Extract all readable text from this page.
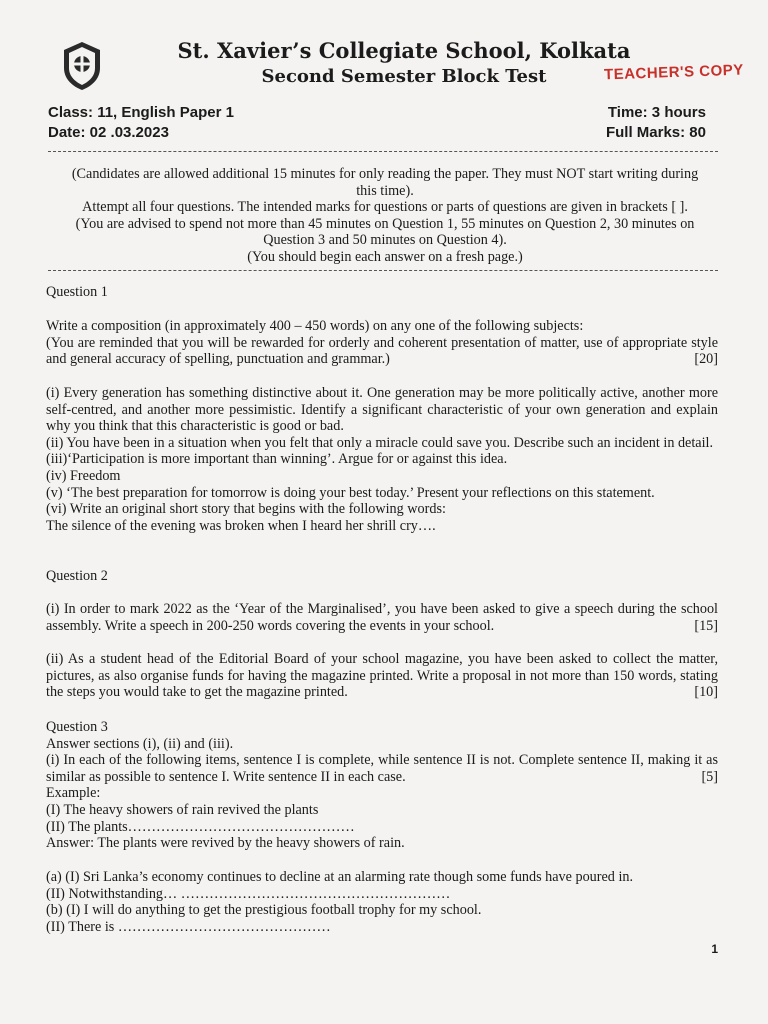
St. Xavier’s Collegiate School, Kolkata
Second Semester Block Test	TEACHER'S COPY
Class: 11, English Paper 1
Date: 02 .03.2023
Time: 3 hours
Full Marks: 80

(Candidates are allowed additional 15 minutes for only reading the paper. They must NOT start writing during this time).

Attempt all four questions. The intended marks for questions or parts of questions are given in brackets [ ].

(You are advised to spend not more than 45 minutes on Question 1, 55 minutes on Question 2, 30 minutes on Question 3 and 50 minutes on Question 4).

(You should begin each answer on a fresh page.)

Question 1

Write a composition (in approximately 400 – 450 words) on any one of the following subjects:

(You are reminded that you will be rewarded for orderly and coherent presentation of matter, use of appropriate style and general accuracy of spelling, punctuation and grammar.)	[20]

(i) Every generation has something distinctive about it. One generation may be more politically active, another more self-centred, and another more pessimistic. Identify a significant characteristic of your own generation and explain why you think that this characteristic is good or bad.

(ii) You have been in a situation when you felt that only a miracle could save you. Describe such an incident in detail.

(iii)‘Participation is more important than winning’. Argue for or against this idea.

(iv) Freedom

(v) ‘The best preparation for tomorrow is doing your best today.’ Present your reflections on this statement.

(vi) Write an original short story that begins with the following words:

The silence of the evening was broken when I heard her shrill cry….

Question 2
(i) In order to mark 2022 as the ‘Year of the Marginalised’, you have been asked to give a speech during the school assembly. Write a speech in 200-250 words covering the events in your school.	[15]
(ii) As a student head of the Editorial Board of your school magazine, you have been asked to collect the matter, pictures, as also organise funds for having the magazine printed. Write a proposal in not more than 150 words, stating the steps you would take to get the magazine printed.	[10]

Question 3

Answer sections (i), (ii) and (iii).

(i) In each of the following items, sentence I is complete, while sentence II is not. Complete sentence II, making it as similar as possible to sentence I. Write sentence II in each case.	[5]

Example:

(I) The heavy showers of rain revived the plants

(II) The plants…………………………………………

Answer: The plants were revived by the heavy showers of rain.

(a) (I) Sri Lanka’s economy continues to decline at an alarming rate though some funds have poured in.

(II) Notwithstanding… …………………………………………………

(b) (I) I will do anything to get the prestigious football trophy for my school.

(II) There is ………………………………………

1
